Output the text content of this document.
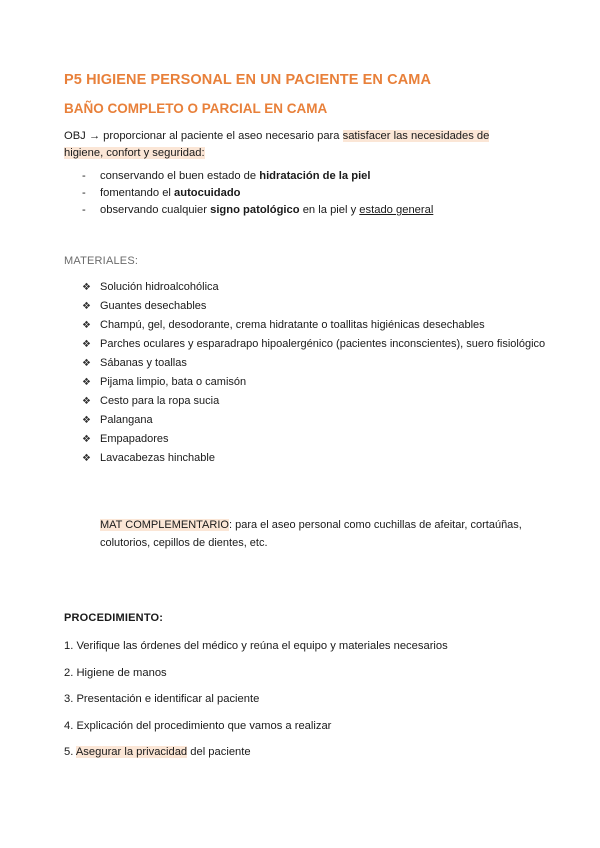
P5 HIGIENE PERSONAL EN UN PACIENTE EN CAMA
BAÑO COMPLETO O PARCIAL EN CAMA
OBJ → proporcionar al paciente el aseo necesario para satisfacer las necesidades de higiene, confort y seguridad:
- conservando el buen estado de hidratación de la piel
- fomentando el autocuidado
- observando cualquier signo patológico en la piel y estado general
MATERIALES:
❖ Solución hidroalcohólica
❖ Guantes desechables
❖ Champú, gel, desodorante, crema hidratante o toallitas higiénicas desechables
❖ Parches oculares y esparadrapo hipoalergénico (pacientes inconscientes), suero fisiológico
❖ Sábanas y toallas
❖ Pijama limpio, bata o camisón
❖ Cesto para la ropa sucia
❖ Palangana
❖ Empapadores
❖ Lavacabezas hinchable
MAT COMPLEMENTARIO: para el aseo personal como cuchillas de afeitar, cortaúñas, colutorios, cepillos de dientes, etc.
PROCEDIMIENTO:
1. Verifique las órdenes del médico y reúna el equipo y materiales necesarios
2. Higiene de manos
3. Presentación e identificar al paciente
4. Explicación del procedimiento que vamos a realizar
5. Asegurar la privacidad del paciente
